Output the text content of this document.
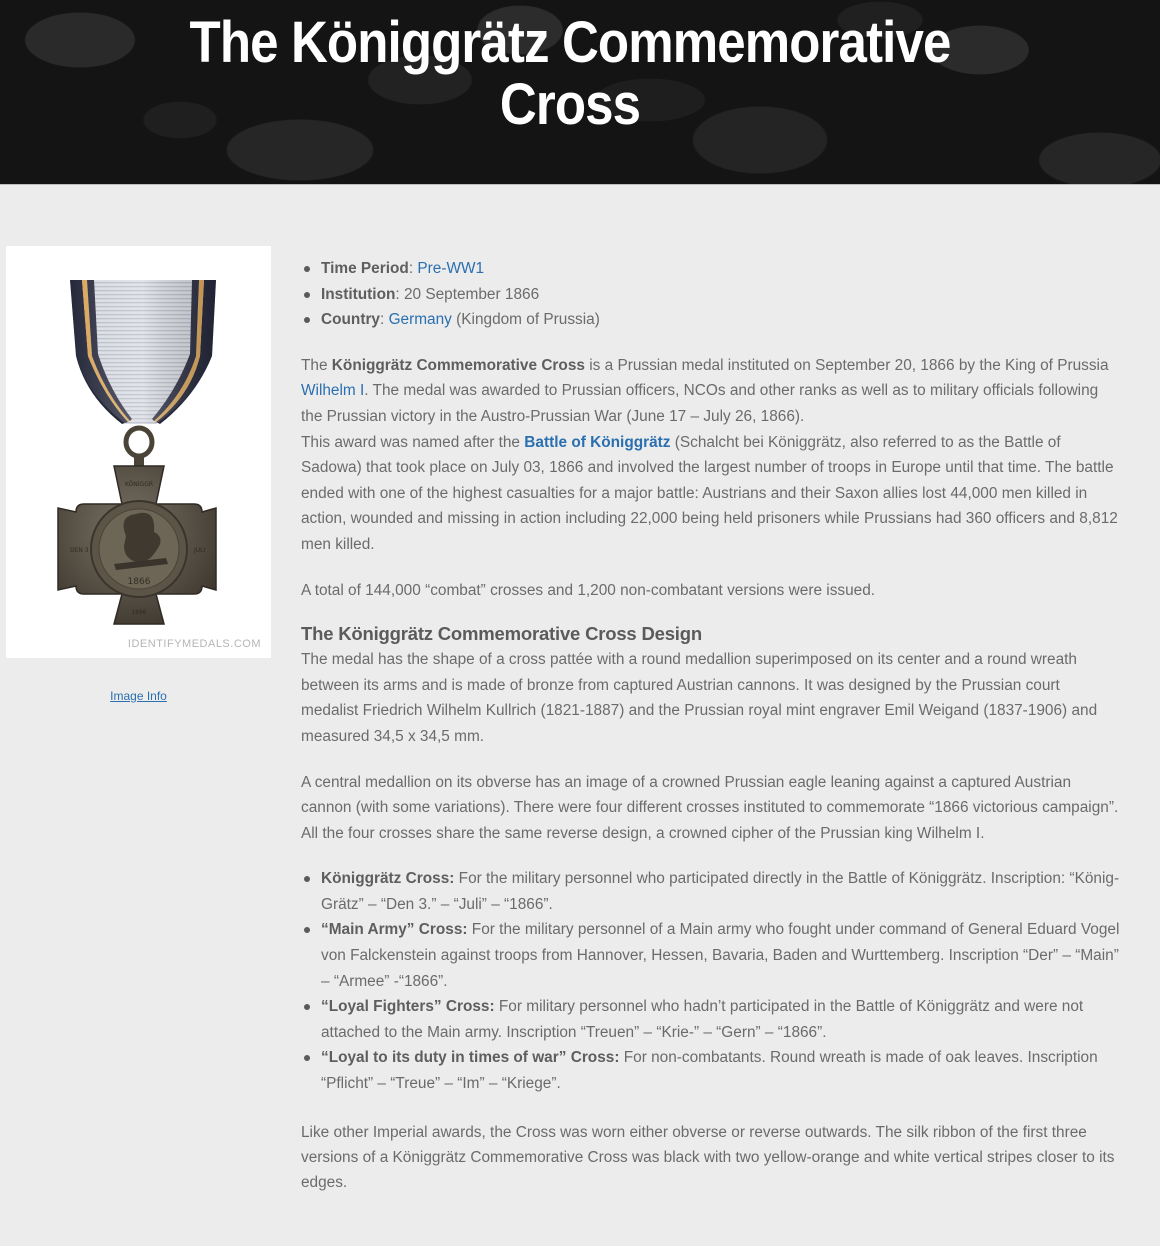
The Königgrätz Commemorative Cross
1866
KÖNIGGR
DEN 3	JULI
1866
IDENTIFYMEDALS.COM
Image Info
Time Period: Pre-WW1
Institution: 20 September 1866
Country: Germany (Kingdom of Prussia)

The Königgrätz Commemorative Cross is a Prussian medal instituted on September 20, 1866 by the King of Prussia Wilhelm I. The medal was awarded to Prussian officers, NCOs and other ranks as well as to military officials following the Prussian victory in the Austro-Prussian War (June 17 – July 26, 1866).

This award was named after the Battle of Königgrätz (Schalcht bei Königgrätz, also referred to as the Battle of Sadowa) that took place on July 03, 1866 and involved the largest number of troops in Europe until that time. The battle ended with one of the highest casualties for a major battle: Austrians and their Saxon allies lost 44,000 men killed in action, wounded and missing in action including 22,000 being held prisoners while Prussians had 360 officers and 8,812 men killed.

A total of 144,000 “combat” crosses and 1,200 non-combatant versions were issued.

The Königgrätz Commemorative Cross Design

The medal has the shape of a cross pattée with a round medallion superimposed on its center and a round wreath between its arms and is made of bronze from captured Austrian cannons. It was designed by the Prussian court medalist Friedrich Wilhelm Kullrich (1821-1887) and the Prussian royal mint engraver Emil Weigand (1837-1906) and measured 34,5 x 34,5 mm.

A central medallion on its obverse has an image of a crowned Prussian eagle leaning against a captured Austrian cannon (with some variations). There were four different crosses instituted to commemorate “1866 victorious campaign”. All the four crosses share the same reverse design, a crowned cipher of the Prussian king Wilhelm I.

Königgrätz Cross: For the military personnel who participated directly in the Battle of Königgrätz. Inscription: “König-Grätz” – “Den 3.” – “Juli” – “1866”.
“Main Army” Cross: For the military personnel of a Main army who fought under command of General Eduard Vogel von Falckenstein against troops from Hannover, Hessen, Bavaria, Baden and Wurttemberg. Inscription “Der” – “Main” – “Armee” -“1866”.
“Loyal Fighters” Cross: For military personnel who hadn’t participated in the Battle of Königgrätz and were not attached to the Main army. Inscription “Treuen” – “Krie-” – “Gern” – “1866”.
“Loyal to its duty in times of war” Cross: For non-combatants. Round wreath is made of oak leaves. Inscription “Pflicht” – “Treue” – “Im” – “Kriege”.
Like other Imperial awards, the Cross was worn either obverse or reverse outwards. The silk ribbon of the first three

versions of a Königgrätz Commemorative Cross was black with two yellow-orange and white vertical stripes closer to its edges.
